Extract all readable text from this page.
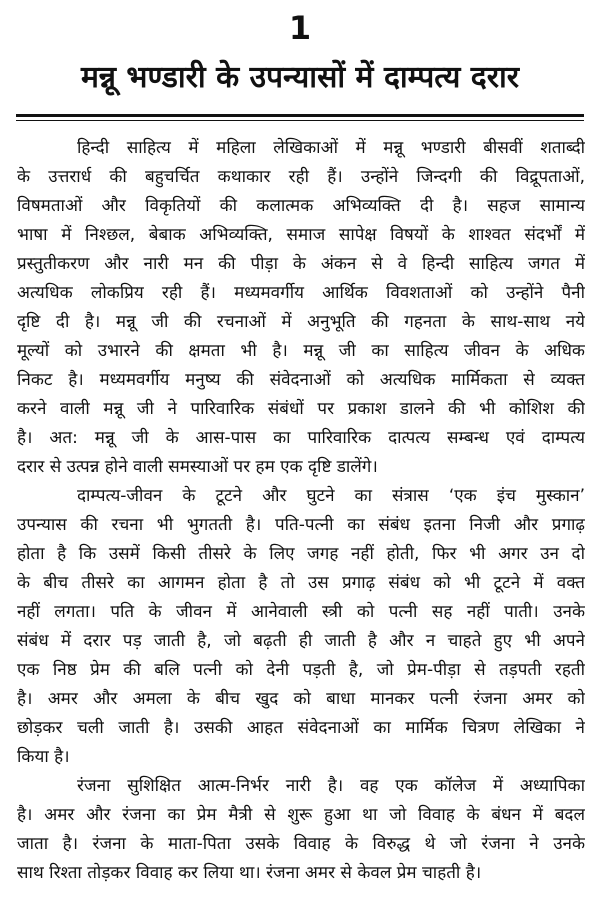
1
मन्नू भण्डारी के उपन्यासों में दाम्पत्य दरार
हिन्दी साहित्य में महिला लेखिकाओं में मन्नू भण्डारी बीसवीं शताब्दी
के उत्तरार्ध की बहुचर्चित कथाकार रही हैं। उन्होंने जिन्दगी की विद्रूपताओं,
विषमताओं और विकृतियों की कलात्मक अभिव्यक्ति दी है। सहज सामान्य
भाषा में निश्छल, बेबाक अभिव्यक्ति, समाज सापेक्ष विषयों के शाश्वत संदर्भों में
प्रस्तुतीकरण और नारी मन की पीड़ा के अंकन से वे हिन्दी साहित्य जगत में
अत्यधिक लोकप्रिय रही हैं। मध्यमवर्गीय आर्थिक विवशताओं को उन्होंने पैनी
दृष्टि दी है। मन्नू जी की रचनाओं में अनुभूति की गहनता के साथ-साथ नये
मूल्यों को उभारने की क्षमता भी है। मन्नू जी का साहित्य जीवन के अधिक
निकट है। मध्यमवर्गीय मनुष्य की संवेदनाओं को अत्यधिक मार्मिकता से व्यक्त
करने वाली मन्नू जी ने पारिवारिक संबंधों पर प्रकाश डालने की भी कोशिश की
है। अत: मन्नू जी के आस-पास का पारिवारिक दात्पत्य सम्बन्ध एवं दाम्पत्य
दरार से उत्पन्न होने वाली समस्याओं पर हम एक दृष्टि डालेंगे।
दाम्पत्य-जीवन के टूटने और घुटने का संत्रास ‘एक इंच मुस्कान’
उपन्यास की रचना भी भुगतती है। पति-पत्नी का संबंध इतना निजी और प्रगाढ़
होता है कि उसमें किसी तीसरे के लिए जगह नहीं होती, फिर भी अगर उन दो
के बीच तीसरे का आगमन होता है तो उस प्रगाढ़ संबंध को भी टूटने में वक्त
नहीं लगता। पति के जीवन में आनेवाली स्त्री को पत्नी सह नहीं पाती। उनके
संबंध में दरार पड़ जाती है, जो बढ़ती ही जाती है और न चाहते हुए भी अपने
एक निष्ठ प्रेम की बलि पत्नी को देनी पड़ती है, जो प्रेम-पीड़ा से तड़पती रहती
है। अमर और अमला के बीच खुद को बाधा मानकर पत्नी रंजना अमर को
छोड़कर चली जाती है। उसकी आहत संवेदनाओं का मार्मिक चित्रण लेखिका ने
किया है।
रंजना सुशिक्षित आत्म-निर्भर नारी है। वह एक कॉलेज में अध्यापिका
है। अमर और रंजना का प्रेम मैत्री से शुरू हुआ था जो विवाह के बंधन में बदल
जाता है। रंजना के माता-पिता उसके विवाह के विरुद्ध थे जो रंजना ने उनके
साथ रिश्ता तोड़कर विवाह कर लिया था। रंजना अमर से केवल प्रेम चाहती है।
